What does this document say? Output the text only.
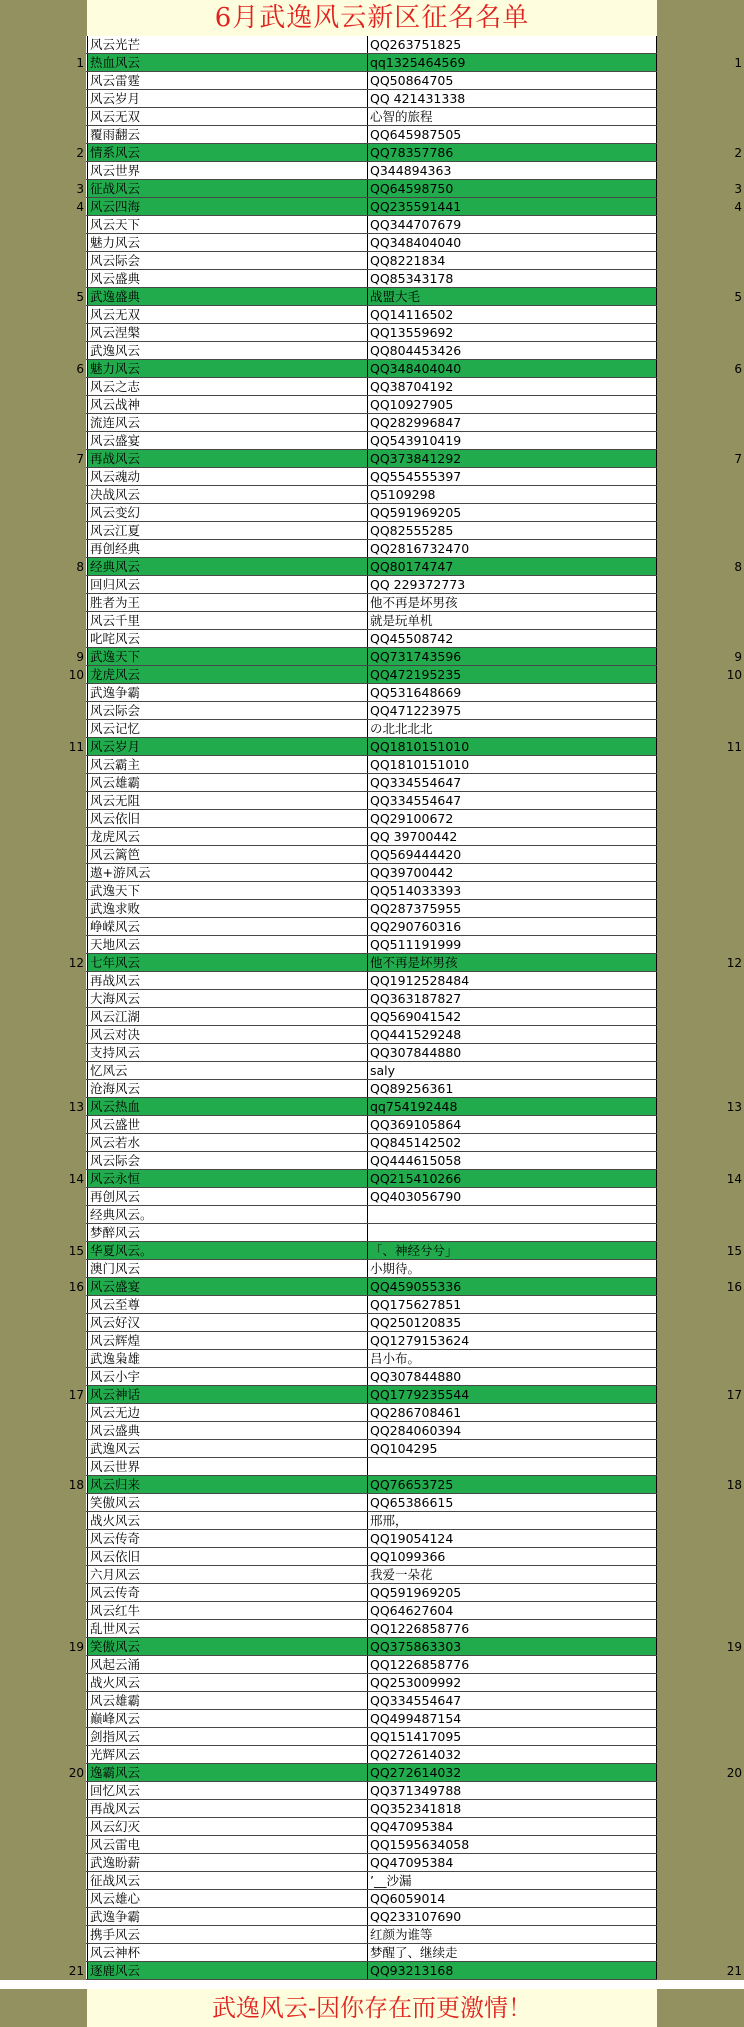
6月武逸风云新区征名名单
风云光芒	QQ263751825
1 热血风云	qq1325464569	1
风云雷霆	QQ50864705
风云岁月	QQ 421431338
风云无双	心智的旅程
覆雨翻云	QQ645987505
2 情系风云	QQ78357786	2
风云世界	Q344894363
3 征战风云	QQ64598750	3
4 风云四海	QQ235591441	4
风云天下	QQ344707679
魅力风云	QQ348404040
风云际会	QQ8221834
风云盛典	QQ85343178
5 武逸盛典	战盟大毛	5
风云无双	QQ14116502
风云涅槃	QQ13559692
武逸风云	QQ804453426
6 魅力风云	QQ348404040	6
风云之志	QQ38704192
风云战神	QQ10927905
流连风云	QQ282996847
风云盛宴	QQ543910419
7 再战风云	QQ373841292	7
风云魂动	QQ554555397
决战风云	Q5109298
风云变幻	QQ591969205
风云江夏	QQ82555285
再创经典	QQ2816732470
8 经典风云	QQ80174747	8
回归风云	QQ 229372773
胜者为王	他不再是坏男孩
风云千里	就是玩单机
叱咤风云	QQ45508742
9 武逸天下	QQ731743596	9
10 龙虎风云	QQ472195235	10
武逸争霸	QQ531648669
风云际会	QQ471223975
风云记忆	の北北北北
11 风云岁月	QQ1810151010	11
风云霸主	QQ1810151010
风云雄霸	QQ334554647
风云无阻	QQ334554647
风云依旧	QQ29100672
龙虎风云	QQ 39700442
风云篱笆	QQ569444420
遨+游风云	QQ39700442
武逸天下	QQ514033393
武逸求败	QQ287375955
峥嵘风云	QQ290760316
天地风云	QQ511191999
12 七年风云	他不再是坏男孩	12
再战风云	QQ1912528484
大海风云	QQ363187827
风云江湖	QQ569041542
风云对决	QQ441529248
支持风云	QQ307844880
忆风云	saly
沧海风云	QQ89256361
13 风云热血	qq754192448	13
风云盛世	QQ369105864
风云若水	QQ845142502
风云际会	QQ444615058
14 风云永恒	QQ215410266	14
再创风云	QQ403056790
经典风云。
梦醉风云
15 华夏风云。	「、神经兮兮」	15
澳门风云	小期待。
16 风云盛宴	QQ459055336	16
风云至尊	QQ175627851
风云好汉	QQ250120835
风云辉煌	QQ1279153624
武逸枭雄	吕小布。
风云小宇	QQ307844880
17 风云神话	QQ1779235544	17
风云无边	QQ286708461
风云盛典	QQ284060394
武逸风云	QQ104295
风云世界
18 风云归来	QQ76653725	18
笑傲风云	QQ65386615
战火风云	邢邢，
风云传奇	QQ19054124
风云依旧	QQ1099366
六月风云	我爱一朵花
风云传奇	QQ591969205
风云红牛	QQ64627604
乱世风云	QQ1226858776
19 笑傲风云	QQ375863303	19
风起云涌	QQ1226858776
战火风云	QQ253009992
风云雄霸	QQ334554647
巅峰风云	QQ499487154
剑指风云	QQ151417095
光辉风云	QQ272614032
20 逸霸风云	QQ272614032	20
回忆风云	QQ371349788
再战风云	QQ352341818
风云幻灭	QQ47095384
风云雷电	QQ1595634058
武逸盼薪	QQ47095384
征战风云	’__沙漏
风云雄心	QQ6059014
武逸争霸	QQ233107690
携手风云	红颜为谁等
风云神杯	梦醒了、继续走
21 逐鹿风云	QQ93213168	21
武逸风云-因你存在而更激情！
